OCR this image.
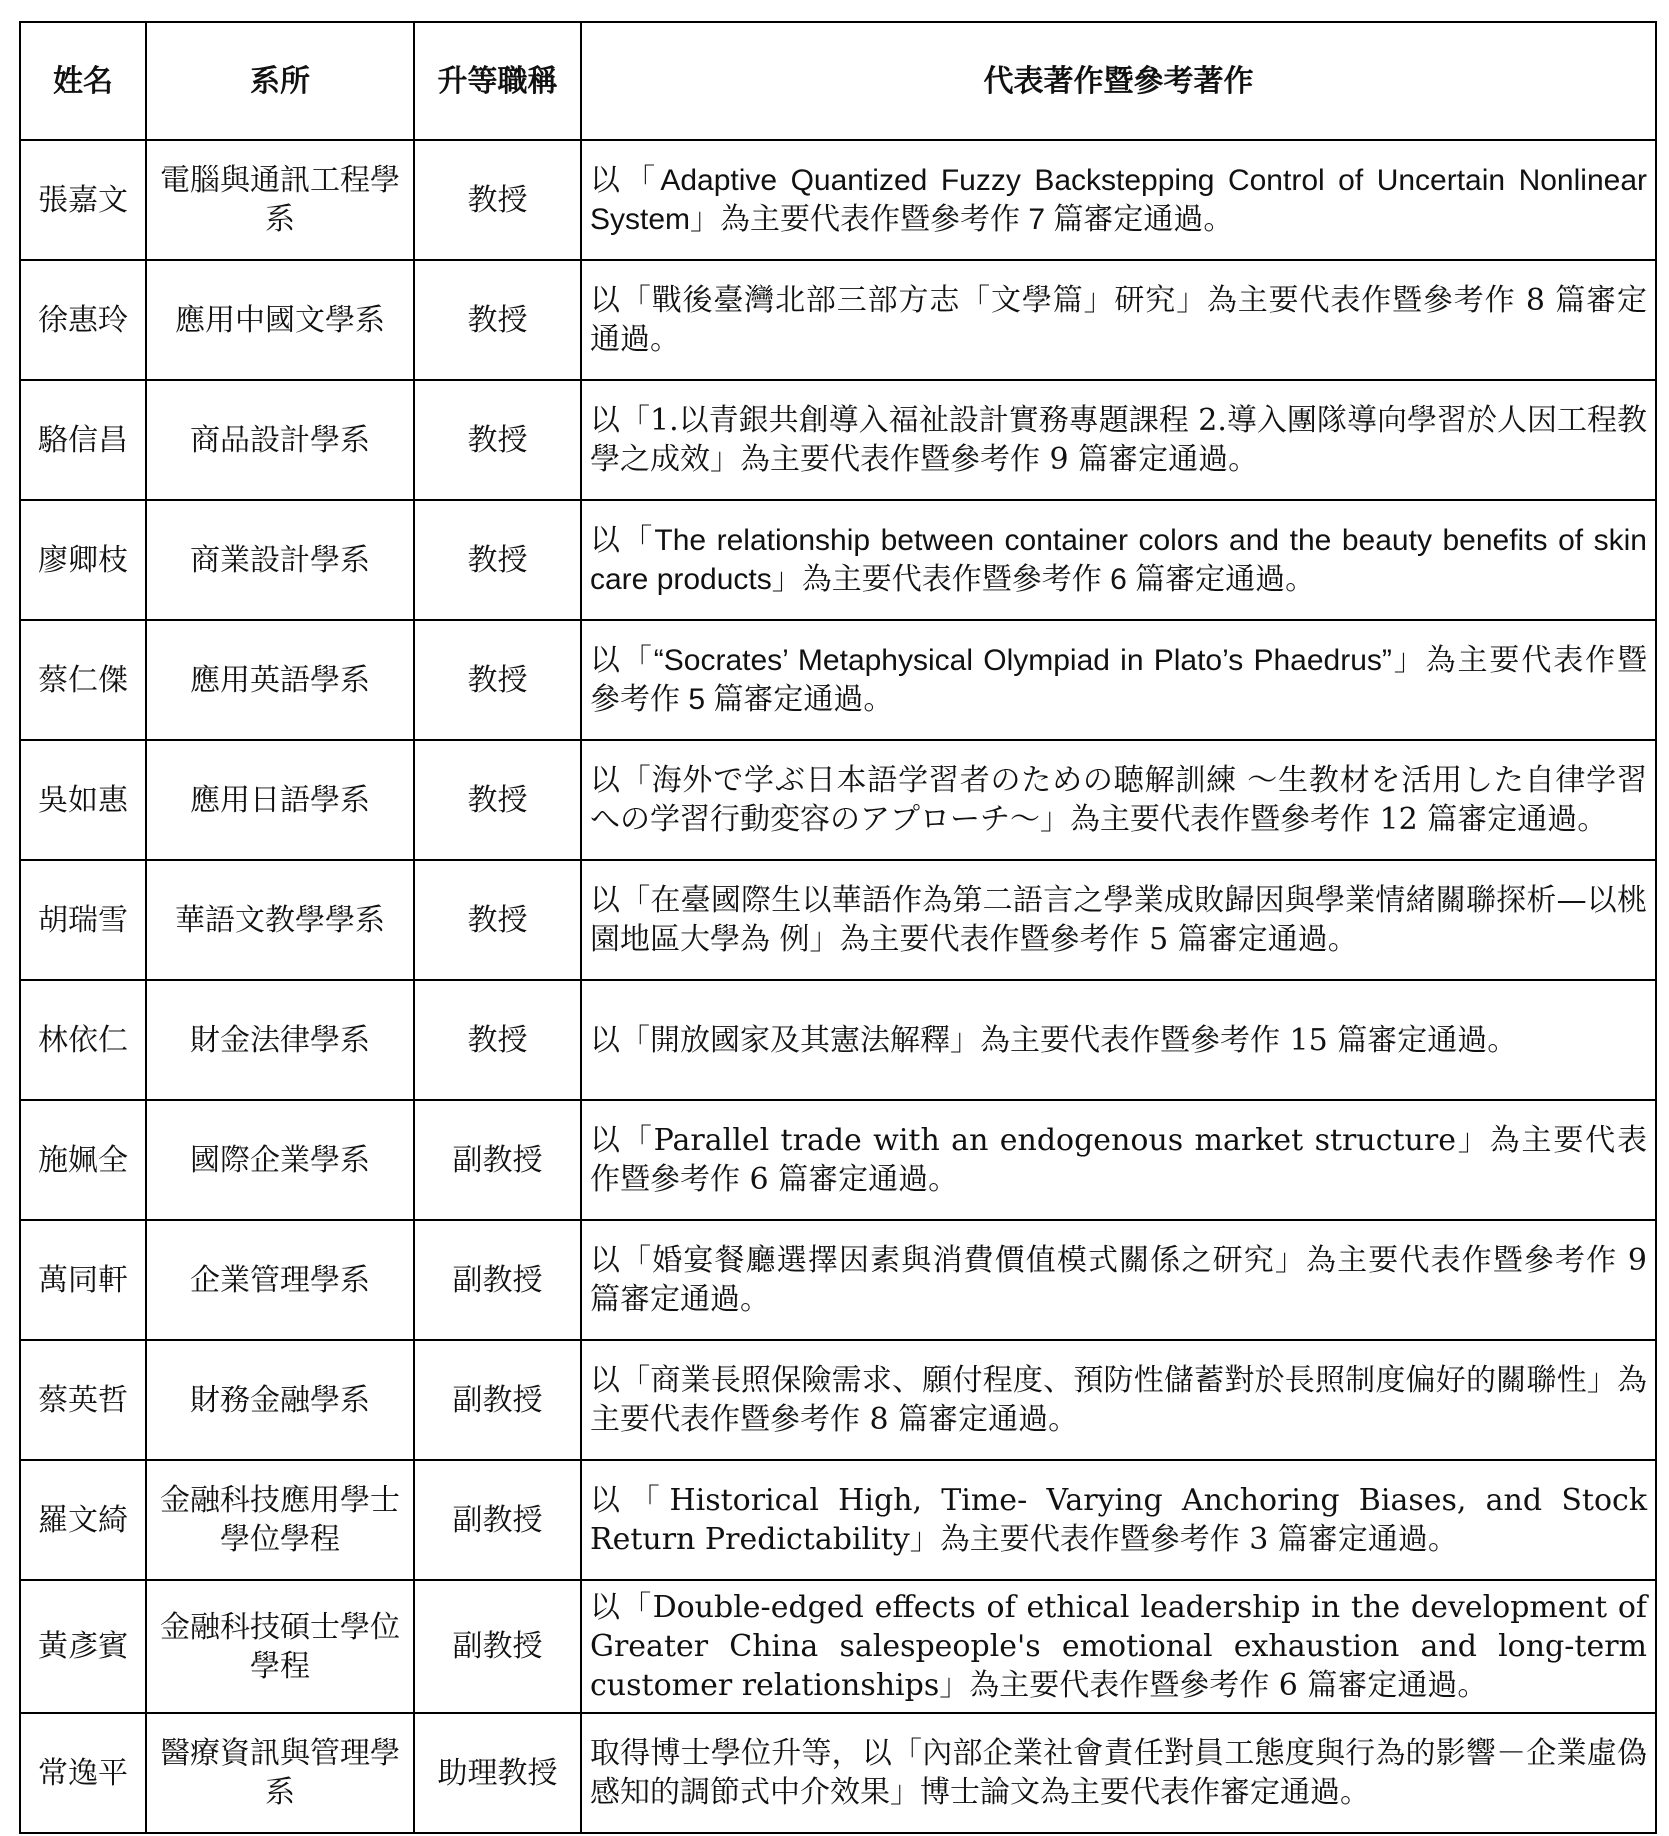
姓名	系所	升等職稱	代表著作暨參考著作
張嘉文	電腦與通訊工程學系	教授	以「Adaptive Quantized Fuzzy Backstepping Control of Uncertain Nonlinear System」為主要代表作暨參考作 7 篇審定通過。
徐惠玲	應用中國文學系	教授	以「戰後臺灣北部三部方志「文學篇」研究」為主要代表作暨參考作 8 篇審定通過。
駱信昌	商品設計學系	教授	以「1.以青銀共創導入福祉設計實務專題課程 2.導入團隊導向學習於人因工程教學之成效」為主要代表作暨參考作 9 篇審定通過。
廖卿枝	商業設計學系	教授	以「The relationship between container colors and the beauty benefits of skin care products」為主要代表作暨參考作 6 篇審定通過。
蔡仁傑	應用英語學系	教授	以「“Socrates’ Metaphysical Olympiad in Plato’s Phaedrus”」為主要代表作暨參考作 5 篇審定通過。
吳如惠	應用日語學系	教授	以「海外で学ぶ日本語学習者のための聴解訓練 ～生教材を活用した自律学習への学習行動変容のアプローチ～」為主要代表作暨參考作 12 篇審定通過。
胡瑞雪	華語文教學學系	教授	以「在臺國際生以華語作為第二語言之學業成敗歸因與學業情緒關聯探析—以桃園地區大學為 例」為主要代表作暨參考作 5 篇審定通過。
林依仁	財金法律學系	教授	以「開放國家及其憲法解釋」為主要代表作暨參考作 15 篇審定通過。
施姵全	國際企業學系	副教授	以「Parallel trade with an endogenous market structure」為主要代表作暨參考作 6 篇審定通過。
萬同軒	企業管理學系	副教授	以「婚宴餐廳選擇因素與消費價值模式關係之研究」為主要代表作暨參考作 9 篇審定通過。
蔡英哲	財務金融學系	副教授	以「商業長照保險需求、願付程度、預防性儲蓄對於長照制度偏好的關聯性」為主要代表作暨參考作 8 篇審定通過。
羅文綺	金融科技應用學士學位學程	副教授	以「Historical High, Time- Varying Anchoring Biases, and Stock Return Predictability」為主要代表作暨參考作 3 篇審定通過。
黃彥賓	金融科技碩士學位學程	副教授	以「Double-edged effects of ethical leadership in the development of Greater China salespeople's emotional exhaustion and long-term customer relationships」為主要代表作暨參考作 6 篇審定通過。
常逸平	醫療資訊與管理學系	助理教授	取得博士學位升等，以「內部企業社會責任對員工態度與行為的影響－企業虛偽感知的調節式中介效果」博士論文為主要代表作審定通過。
